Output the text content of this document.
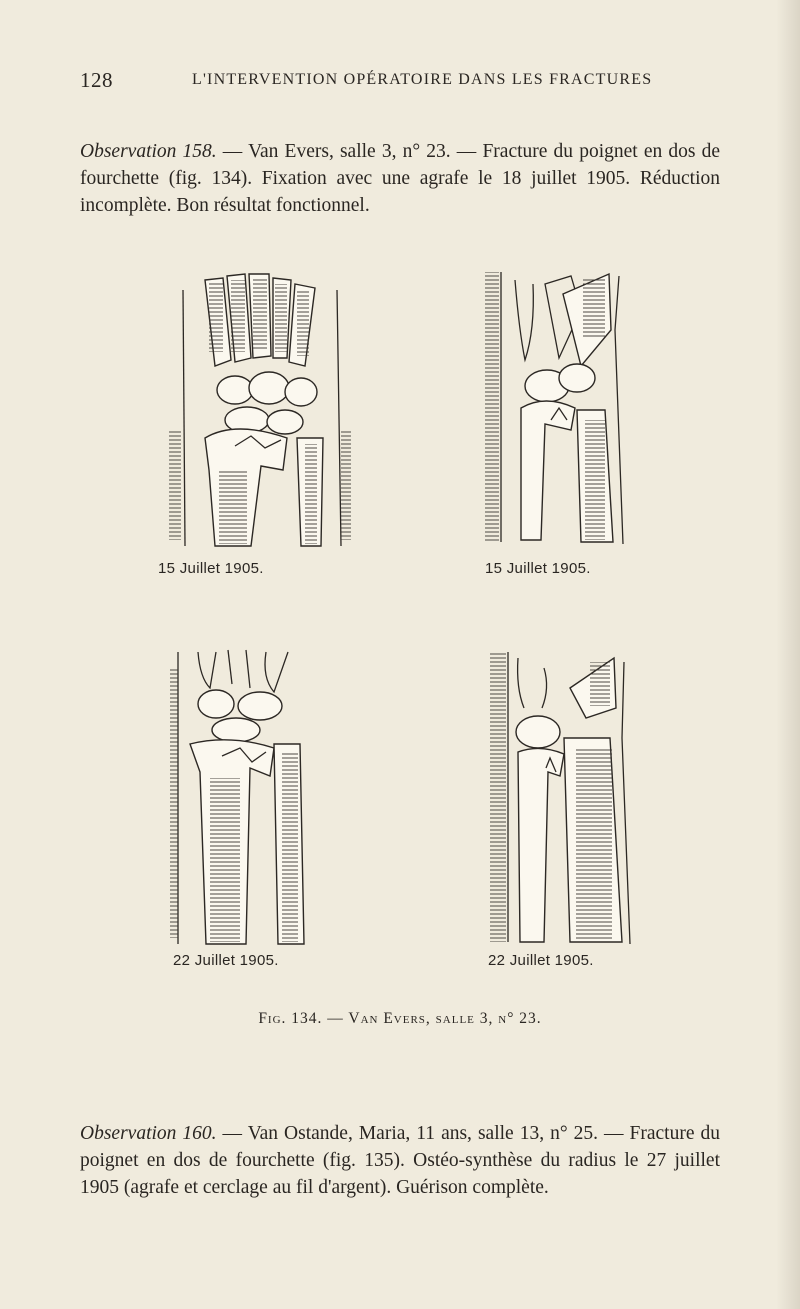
128	L'INTERVENTION OPÉRATOIRE DANS LES FRACTURES

Observation 158. — Van Evers, salle 3, n° 23. — Fracture du poignet en dos de fourchette (fig. 134). Fixation avec une agrafe le 18 juillet 1905. Réduction incomplète. Bon résultat fonctionnel.

15 Juillet 1905.	15 Juillet 1905.
22 Juillet 1905.	22 Juillet 1905.
Fig. 134. — Van Evers, salle 3, n° 23.

Observation 160. — Van Ostande, Maria, 11 ans, salle 13, n° 25. — Fracture du poignet en dos de fourchette (fig. 135). Ostéo-synthèse du radius le 27 juillet 1905 (agrafe et cerclage au fil d'argent). Guérison complète.
